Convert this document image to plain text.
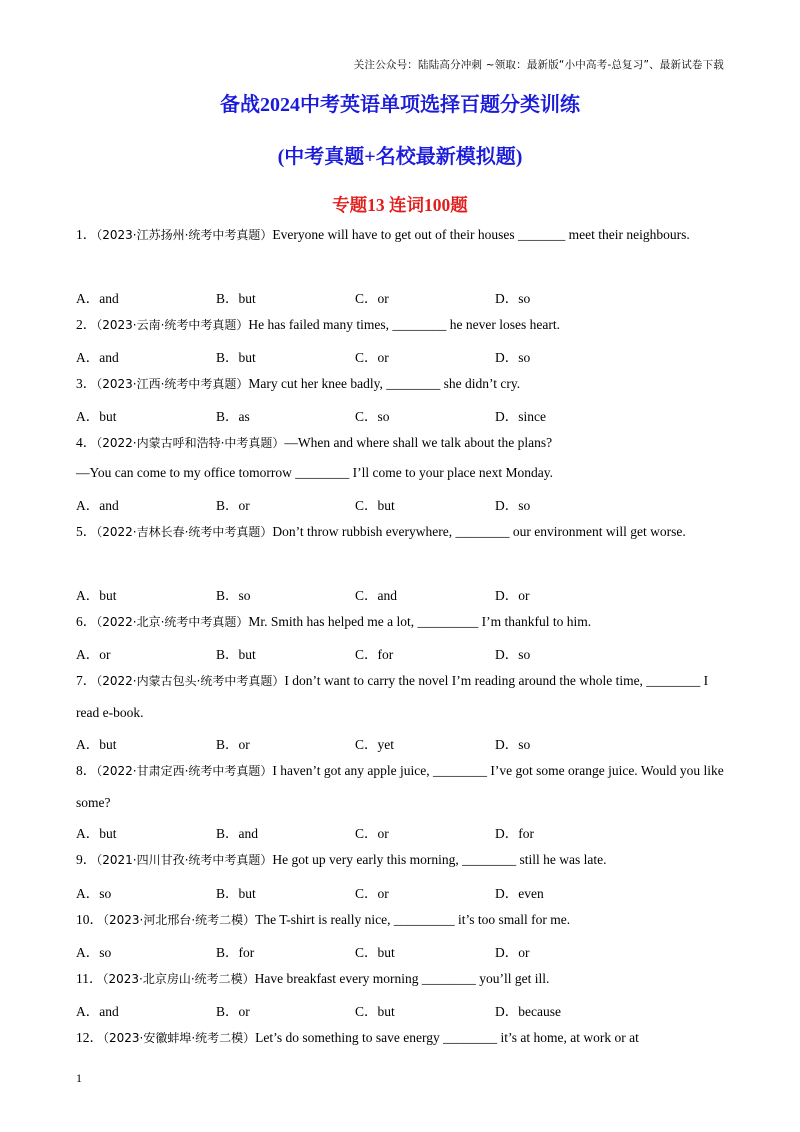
关注公众号：陆陆高分冲刺 ~领取：最新版“小中高考-总复习”、最新试卷下载
备战2024中考英语单项选择百题分类训练
(中考真题+名校最新模拟题)
专题13 连词100题
1．（2023·江苏扬州·统考中考真题）Everyone will have to get out of their houses _______ meet their neighbours.
A．and	B．but	C．or	D．so
2．（2023·云南·统考中考真题）He has failed many times, ________ he never loses heart.
A．and	B．but	C．or	D．so
3．（2023·江西·统考中考真题）Mary cut her knee badly, ________ she didn’t cry.
A．but	B．as	C．so	D．since
4．（2022·内蒙古呼和浩特·中考真题）—When and where shall we talk about the plans?
—You can come to my office tomorrow ________ I’ll come to your place next Monday.
A．and	B．or	C．but	D．so
5．（2022·吉林长春·统考中考真题）Don’t throw rubbish everywhere, ________ our environment will get worse.
A．but	B．so	C．and	D．or
6．（2022·北京·统考中考真题）Mr. Smith has helped me a lot, _________ I’m thankful to him.
A．or	B．but	C．for	D．so
7．（2022·内蒙古包头·统考中考真题）I don’t want to carry the novel I’m reading around the whole time, ________ I read e-book.
A．but	B．or	C．yet	D．so
8．（2022·甘肃定西·统考中考真题）I haven’t got any apple juice, ________ I’ve got some orange juice. Would you like some?
A．but	B．and	C．or	D．for
9．（2021·四川甘孜·统考中考真题）He got up very early this morning, ________ still he was late.
A．so	B．but	C．or	D．even
10．（2023·河北邢台·统考二模）The T-shirt is really nice, _________ it’s too small for me.
A．so	B．for	C．but	D．or
11．（2023·北京房山·统考二模）Have breakfast every morning ________ you’ll get ill.
A．and	B．or	C．but	D．because
12．（2023·安徽蚌埠·统考二模）Let’s do something to save energy ________ it’s at home, at work or at
1
